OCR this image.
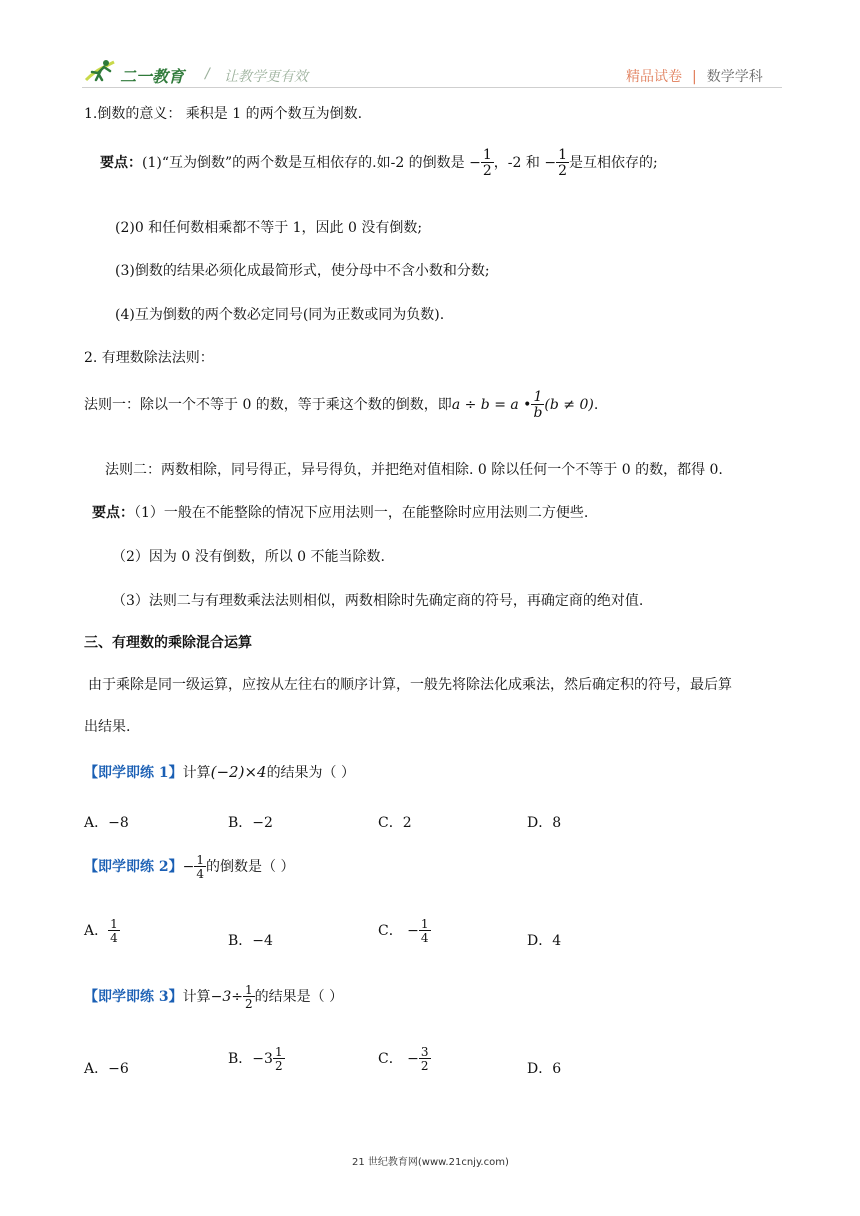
二一教育 / 让教学更有效	精品试卷 | 数学学科
1.倒数的意义： 乘积是 1 的两个数互为倒数.
要点：(1)“互为倒数”的两个数是互相依存的.如-2 的倒数是 − $\frac{1}{2}$ ，-2 和 − $\frac{1}{2}$ 是互相依存的;
(2)0 和任何数相乘都不等于 1，因此 0 没有倒数;
(3)倒数的结果必须化成最简形式，使分母中不含小数和分数;
(4)互为倒数的两个数必定同号(同为正数或同为负数).
2. 有理数除法法则：
法则一：除以一个不等于 0 的数，等于乘这个数的倒数，即a ÷ b = a • $\frac{1}{b} (b \ne 0)$.
法则二：两数相除，同号得正，异号得负，并把绝对值相除. 0 除以任何一个不等于 0 的数，都得 0.
要点：（1）一般在不能整除的情况下应用法则一，在能整除时应用法则二方便些.
（2）因为 0 没有倒数，所以 0 不能当除数.
（3）法则二与有理数乘法法则相似，两数相除时先确定商的符号，再确定商的绝对值.
三、有理数的乘除混合运算
由于乘除是同一级运算，应按从左往右的顺序计算，一般先将除法化成乘法，然后确定积的符号，最后算
出结果.
【即学即练 1】计算(−2)×4的结果为（ ）
A．−8	B．−2	C．2	D．8
【即学即练 2】− $\frac{1}{4}$ 的倒数是（ ）
A． $\frac{1}{4}$	B．−4
C． − $\frac{1}{4}$	D．4
【即学即练 3】计算$-3\div \frac{1}{2}$ 的结果是（ ）
A．−6
B．$-3 \frac{1}{2}$	C． − $\frac{3}{2}$	D．6
21 世纪教育网(www.21cnjy.com)
